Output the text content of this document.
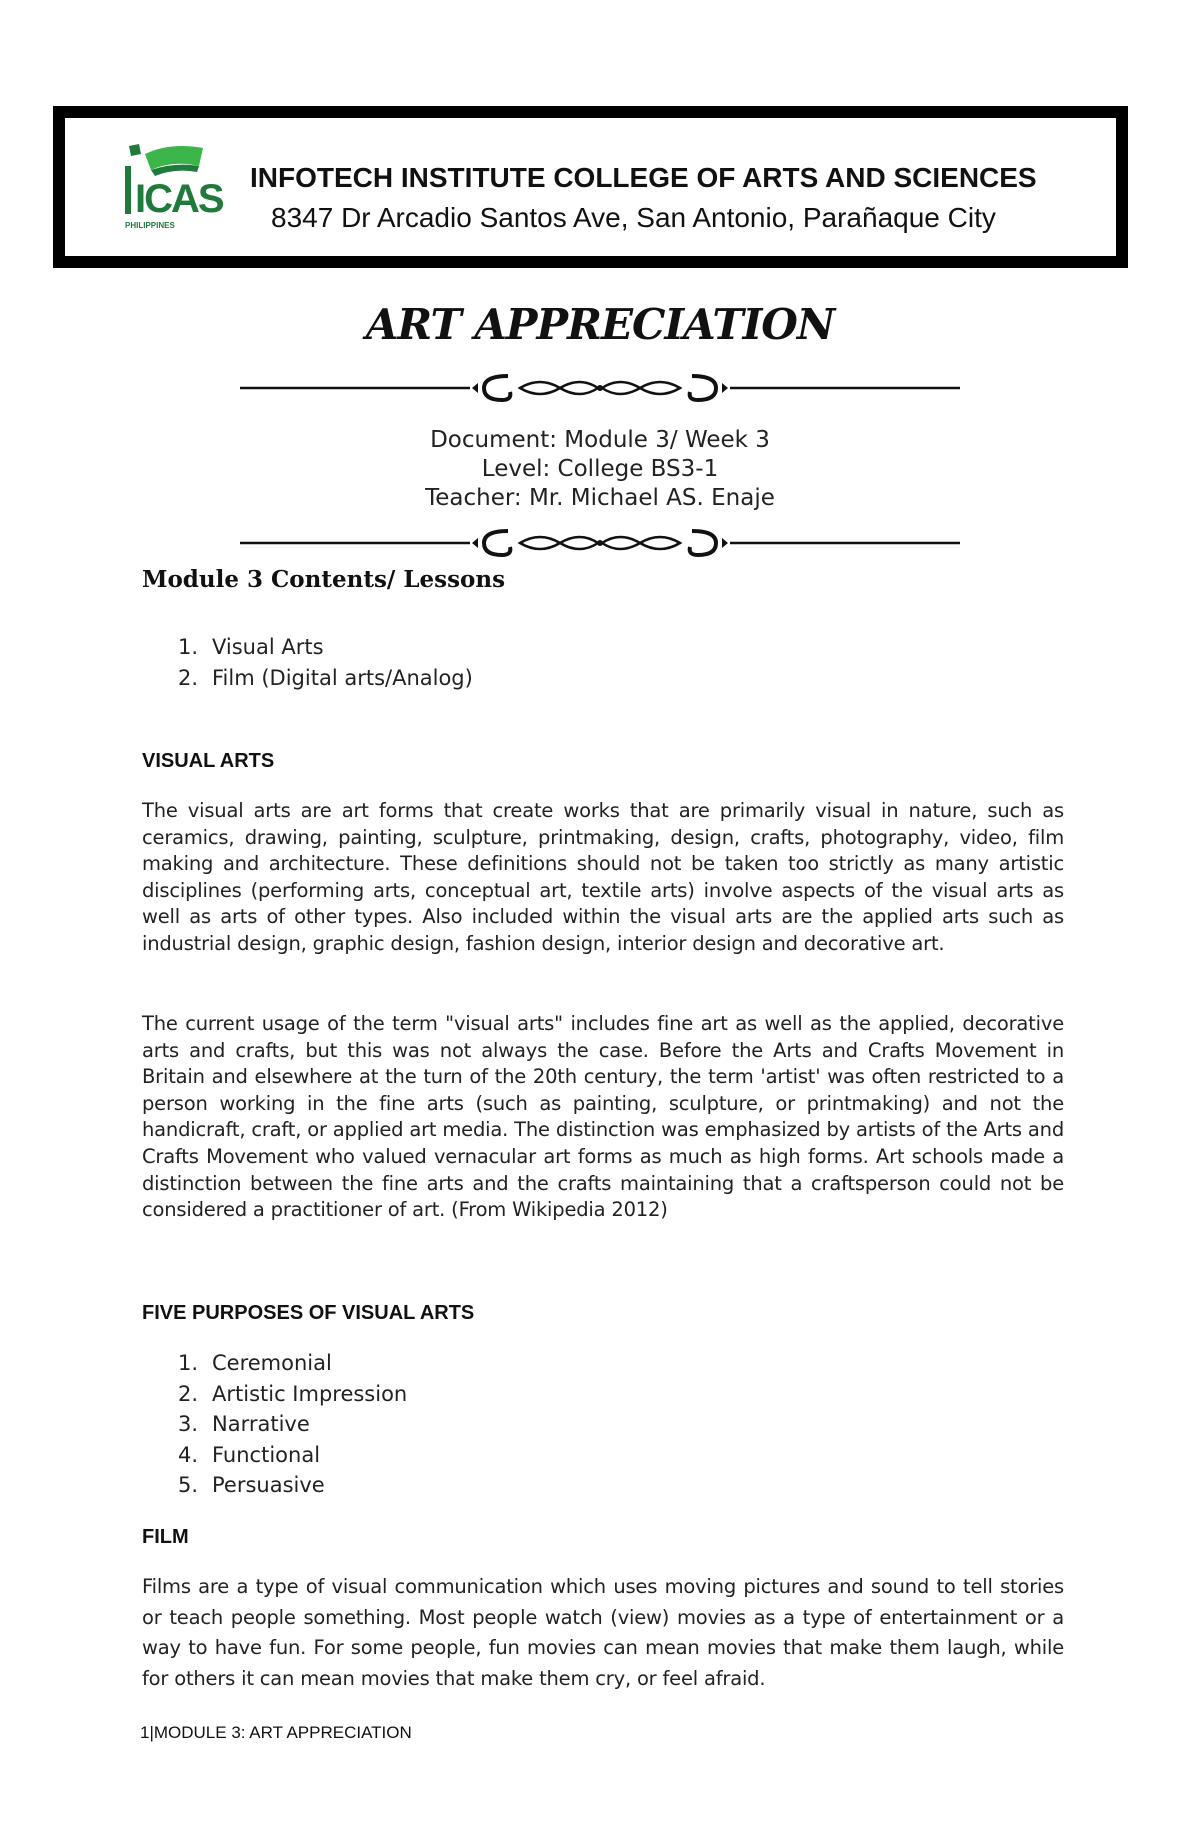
ICAS
PHILIPPINES
INFOTECH INSTITUTE COLLEGE OF ARTS AND SCIENCES
8347 Dr Arcadio Santos Ave, San Antonio, Parañaque City
ART APPRECIATION
Document: Module 3/ Week 3
Level: College BS3-1
Teacher: Mr. Michael AS. Enaje
Module 3 Contents/ Lessons
1. Visual Arts
2. Film (Digital arts/Analog)
VISUAL ARTS

The visual arts are art forms that create works that are primarily visual in nature, such as ceramics, drawing, painting, sculpture, printmaking, design, crafts, photography, video, film making and architecture. These definitions should not be taken too strictly as many artistic disciplines (performing arts, conceptual art, textile arts) involve aspects of the visual arts as well as arts of other types. Also included within the visual arts are the applied arts such as industrial design, graphic design, fashion design, interior design and decorative art.

The current usage of the term "visual arts" includes fine art as well as the applied, decorative arts and crafts, but this was not always the case. Before the Arts and Crafts Movement in Britain and elsewhere at the turn of the 20th century, the term 'artist' was often restricted to a person working in the fine arts (such as painting, sculpture, or printmaking) and not the handicraft, craft, or applied art media. The distinction was emphasized by artists of the Arts and Crafts Movement who valued vernacular art forms as much as high forms. Art schools made a distinction between the fine arts and the crafts maintaining that a craftsperson could not be considered a practitioner of art. (From Wikipedia 2012)

FIVE PURPOSES OF VISUAL ARTS
1. Ceremonial
2. Artistic Impression
3. Narrative
4. Functional
5. Persuasive
FILM

Films are a type of visual communication which uses moving pictures and sound to tell stories or teach people something. Most people watch (view) movies as a type of entertainment or a way to have fun. For some people, fun movies can mean movies that make them laugh, while for others it can mean movies that make them cry, or feel afraid.

1|MODULE 3: ART APPRECIATION
